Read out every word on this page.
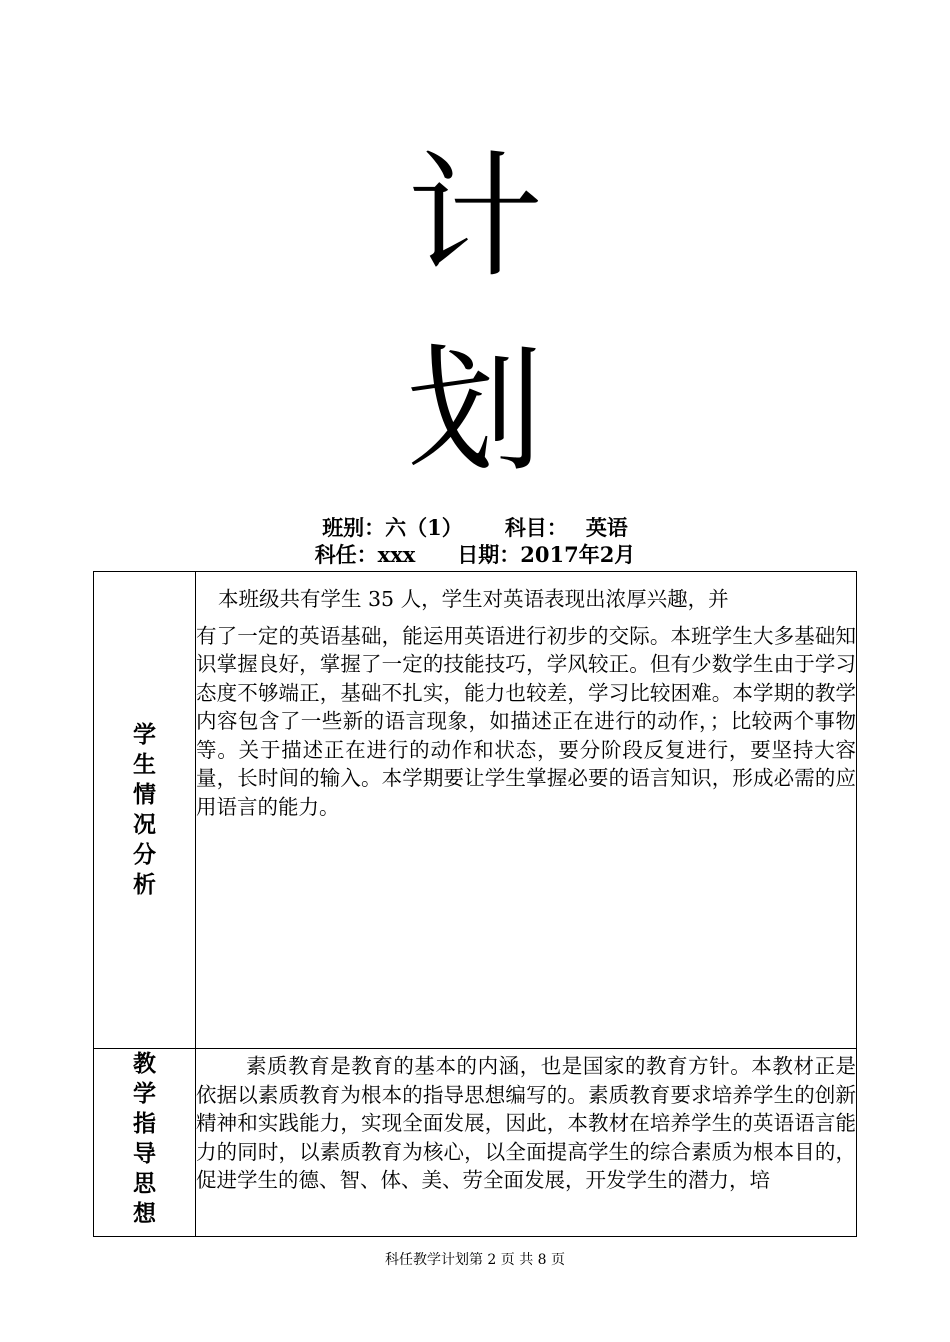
计
划
班别：六（1） 科目： 英语
科任：xxx 日期：2017年2月
学生情况分析	本班级共有学生 35 人，学生对英语表现出浓厚兴趣，并

有了一定的英语基础，能运用英语进行初步的交际。本班学生大多基础知识掌握良好，掌握了一定的技能技巧，学风较正。但有少数学生由于学习态度不够端正，基础不扎实，能力也较差，学习比较困难。本学期的教学内容包含了一些新的语言现象，如描述正在进行的动作，；比较两个事物等。关于描述正在进行的动作和状态，要分阶段反复进行，要坚持大容量，长时间的输入。本学期要让学生掌握必要的语言知识，形成必需的应用语言的能力。

教学指导思想	素质教育是教育的基本的内涵，也是国家的教育方针。本教材正是依据以素质教育为根本的指导思想编写的。素质教育要求培养学生的创新精神和实践能力，实现全面发展，因此，本教材在培养学生的英语语言能力的同时，以素质教育为核心，以全面提高学生的综合素质为根本目的，促进学生的德、智、体、美、劳全面发展，开发学生的潜力，培

科任教学计划第 2 页 共 8 页
